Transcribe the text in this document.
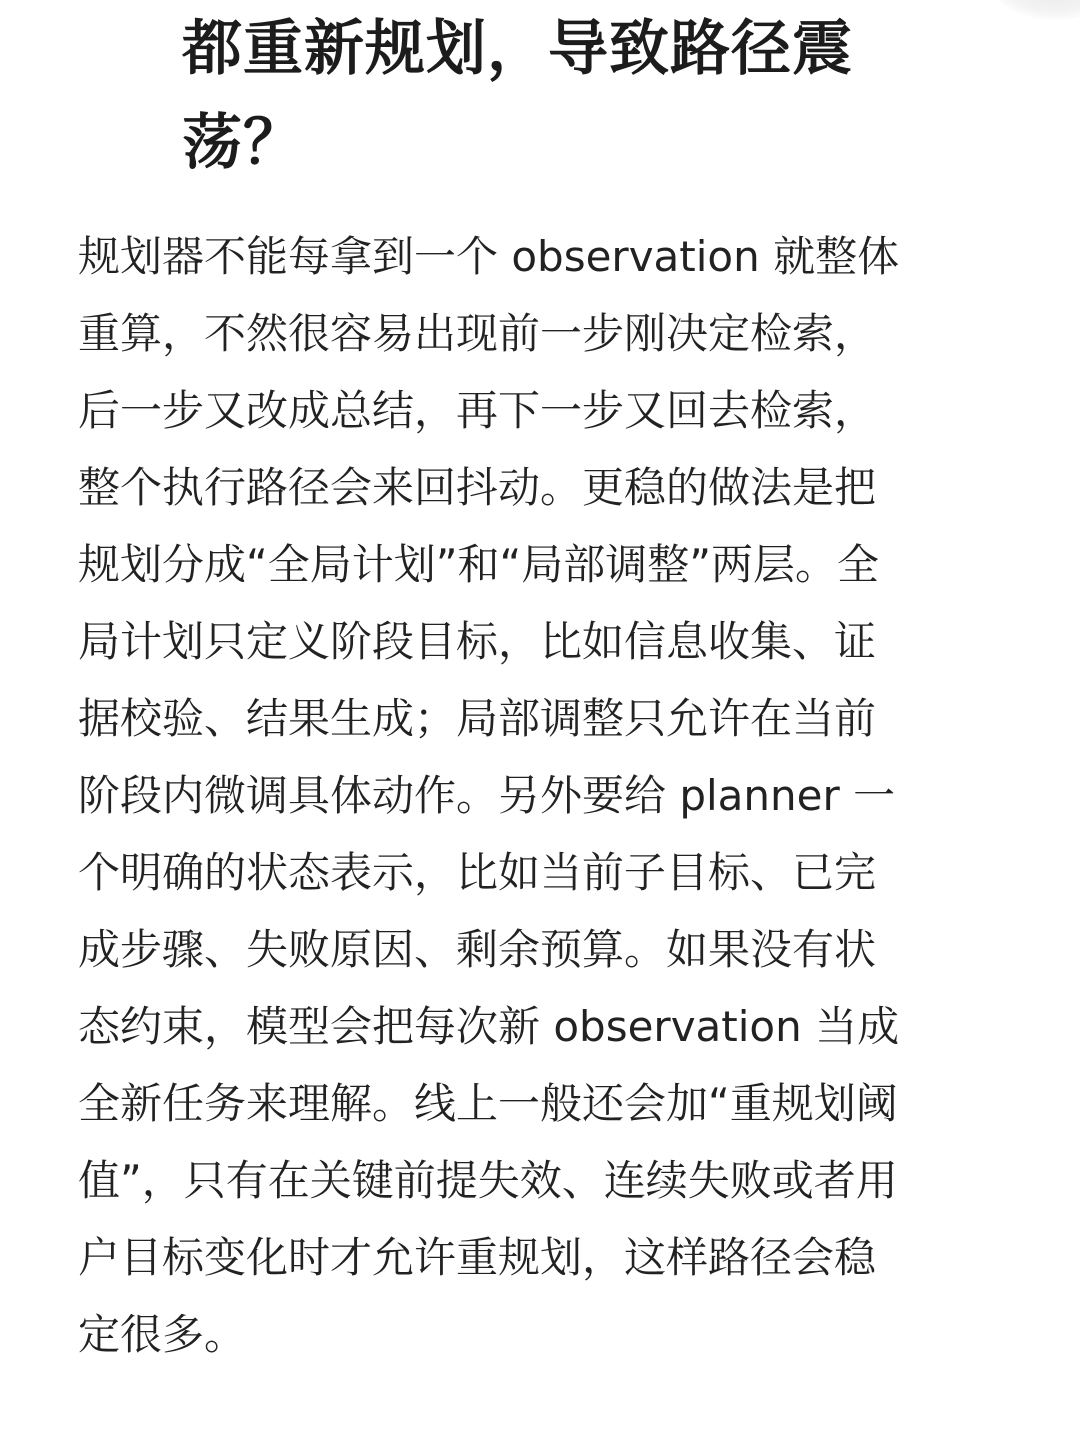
都重新规划，导致路径震
荡？
规划器不能每拿到一个 observation 就整体
重算，不然很容易出现前一步刚决定检索，
后一步又改成总结，再下一步又回去检索，
整个执行路径会来回抖动。更稳的做法是把
规划分成“全局计划”和“局部调整”两层。全
局计划只定义阶段目标，比如信息收集、证
据校验、结果生成；局部调整只允许在当前
阶段内微调具体动作。另外要给 planner 一
个明确的状态表示，比如当前子目标、已完
成步骤、失败原因、剩余预算。如果没有状
态约束，模型会把每次新 observation 当成
全新任务来理解。线上一般还会加“重规划阈
值”，只有在关键前提失效、连续失败或者用
户目标变化时才允许重规划，这样路径会稳
定很多。
